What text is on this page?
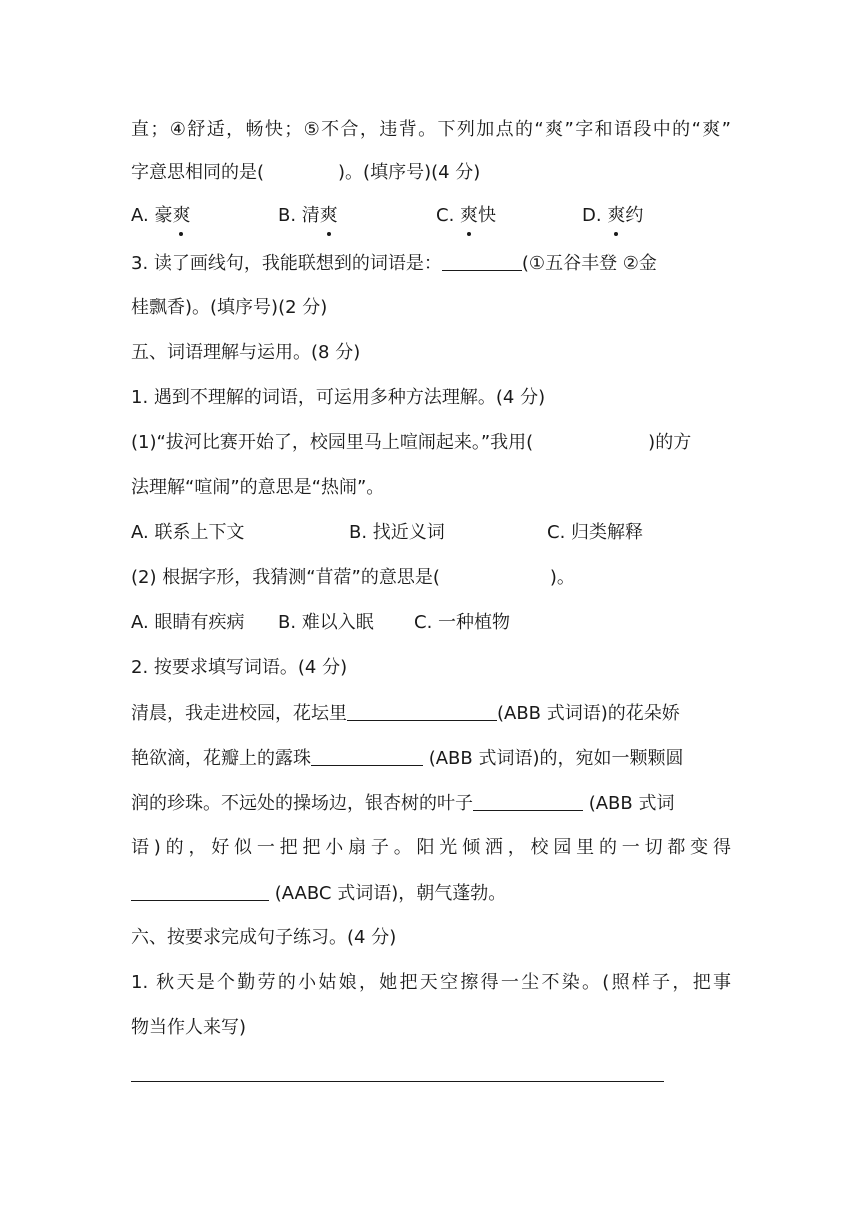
直；④舒适，畅快；⑤不合，违背。下列加点的“爽”字和语段中的“爽”
字意思相同的是(	)。(填序号)(4 分)
A. 豪爽	B. 清爽	C. 爽快	D. 爽约
3. 读了画线句，我能联想到的词语是：	(①五谷丰登 ②金
桂飘香)。(填序号)(2 分)
五、词语理解与运用。(8 分)
1. 遇到不理解的词语，可运用多种方法理解。(4 分)
(1)“拔河比赛开始了，校园里马上喧闹起来。”我用(	)的方
法理解“喧闹”的意思是“热闹”。
A. 联系上下文	B. 找近义词	C. 归类解释
(2) 根据字形，我猜测“苜蓿”的意思是(	)。
A. 眼睛有疾病 B. 难以入眠 C. 一种植物
2. 按要求填写词语。(4 分)
清晨，我走进校园，花坛里	(ABB 式词语)的花朵娇
艳欲滴，花瓣上的露珠	(ABB 式词语)的，宛如一颗颗圆
润的珍珠。不远处的操场边，银杏树的叶子	(ABB 式词
语)的，好似一把把小扇子。阳光倾洒，校园里的一切都变得
(AABC 式词语)，朝气蓬勃。
六、按要求完成句子练习。(4 分)
1. 秋天是个勤劳的小姑娘，她把天空擦得一尘不染。(照样子，把事
物当作人来写)
